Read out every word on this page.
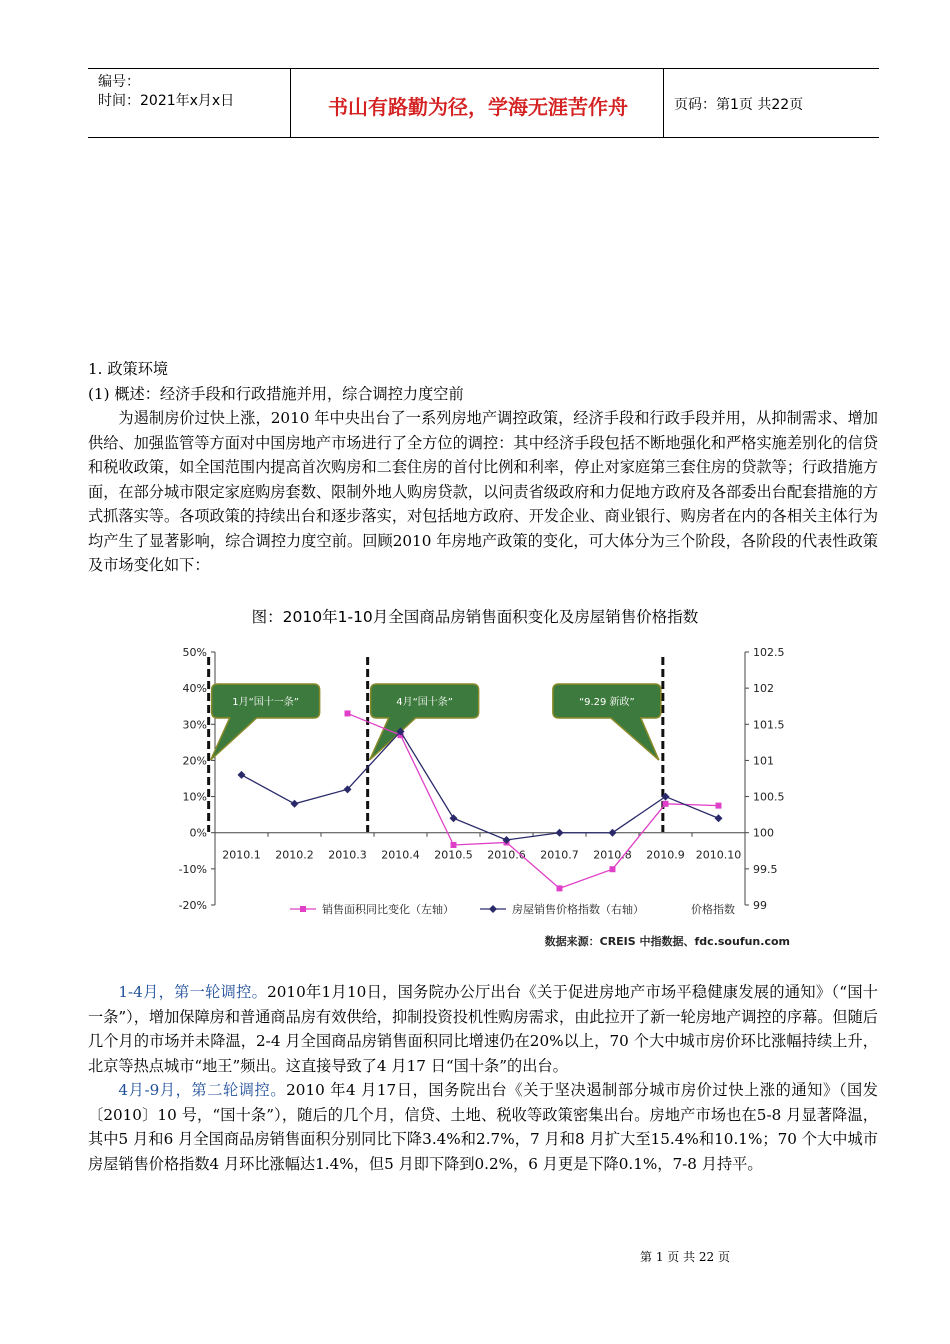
编号：
时间：2021年x月x日	书山有路勤为径，学海无涯苦作舟	页码：第1页 共22页

1. 政策环境

(1) 概述：经济手段和行政措施并用，综合调控力度空前

为遏制房价过快上涨，2010 年中央出台了一系列房地产调控政策，经济手段和行政手段并用，从抑制需求、增加供给、加强监管等方面对中国房地产市场进行了全方位的调控：其中经济手段包括不断地强化和严格实施差别化的信贷和税收政策，如全国范围内提高首次购房和二套住房的首付比例和利率，停止对家庭第三套住房的贷款等；行政措施方面，在部分城市限定家庭购房套数、限制外地人购房贷款，以问责省级政府和力促地方政府及各部委出台配套措施的方式抓落实等。各项政策的持续出台和逐步落实，对包括地方政府、开发企业、商业银行、购房者在内的各相关主体行为均产生了显著影响，综合调控力度空前。回顾2010 年房地产政策的变化，可大体分为三个阶段，各阶段的代表性政策及市场变化如下：

图：2010年1-10月全国商品房销售面积变化及房屋销售价格指数
50%
40%
30%
20%
10%
0%
-10%
-20%
102.5
102
101.5
101
100.5
100
99.5
99
2010.1 2010.2 2010.3 2010.4 2010.5 2010.6 2010.7 2010.8 2010.9 2010.10
1月“国十一条”	4月“国十条”	“9.29 新政”
销售面积同比变化（左轴）	房屋销售价格指数（右轴）	价格指数
数据来源：CREIS 中指数据、fdc.soufun.com

1-4月，第一轮调控。2010年1月10日，国务院办公厅出台《关于促进房地产市场平稳健康发展的通知》（“国十一条”），增加保障房和普通商品房有效供给，抑制投资投机性购房需求，由此拉开了新一轮房地产调控的序幕。但随后几个月的市场并未降温，2-4 月全国商品房销售面积同比增速仍在20%以上，70 个大中城市房价环比涨幅持续上升，北京等热点城市“地王”频出。这直接导致了4 月17 日“国十条”的出台。

4月-9月，第二轮调控。2010 年4 月17日，国务院出台《关于坚决遏制部分城市房价过快上涨的通知》（国发〔2010〕10 号，“国十条”），随后的几个月，信贷、土地、税收等政策密集出台。房地产市场也在5-8 月显著降温，其中5 月和6 月全国商品房销售面积分别同比下降3.4%和2.7%，7 月和8 月扩大至15.4%和10.1%；70 个大中城市房屋销售价格指数4 月环比涨幅达1.4%，但5 月即下降到0.2%，6 月更是下降0.1%，7-8 月持平。

第 1 页 共 22 页
